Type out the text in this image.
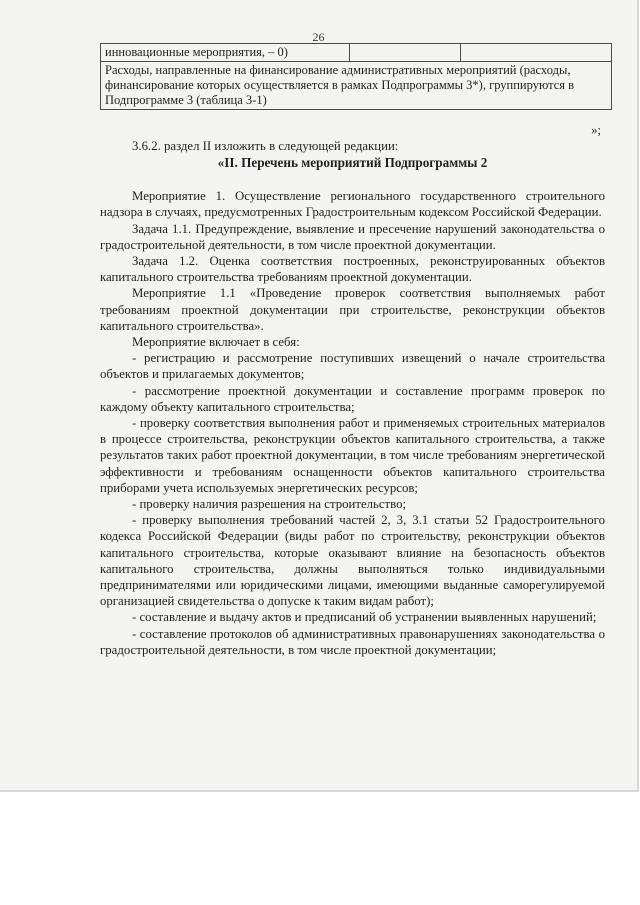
26
инновационные мероприятия, – 0)		
Расходы, направленные на финансирование административных мероприятий (расходы, финансирование которых осуществляется в рамках Подпрограммы 3*), группируются в Подпрограмме 3 (таблица 3-1)
»;

3.6.2. раздел II изложить в следующей редакции:

«II. Перечень мероприятий Подпрограммы 2

Мероприятие 1. Осуществление регионального государственного строительного надзора в случаях, предусмотренных Градостроительным кодексом Российской Федерации.

Задача 1.1. Предупреждение, выявление и пресечение нарушений законодательства о градостроительной деятельности, в том числе проектной документации.

Задача 1.2. Оценка соответствия построенных, реконструированных объектов капитального строительства требованиям проектной документации.

Мероприятие 1.1 «Проведение проверок соответствия выполняемых работ требованиям проектной документации при строительстве, реконструкции объектов капитального строительства».

Мероприятие включает в себя:

- регистрацию и рассмотрение поступивших извещений о начале строительства объектов и прилагаемых документов;

- рассмотрение проектной документации и составление программ проверок по каждому объекту капитального строительства;

- проверку соответствия выполнения работ и применяемых строительных материалов в процессе строительства, реконструкции объектов капитального строительства, а также результатов таких работ проектной документации, в том числе требованиям энергетической эффективности и требованиям оснащенности объектов капитального строительства приборами учета используемых энергетических ресурсов;

- проверку наличия разрешения на строительство;

- проверку выполнения требований частей 2, 3, 3.1 статьи 52 Градостроительного кодекса Российской Федерации (виды работ по строительству, реконструкции объектов капитального строительства, которые оказывают влияние на безопасность объектов капитального строительства, должны выполняться только индивидуальными предпринимателями или юридическими лицами, имеющими выданные саморегулируемой организацией свидетельства о допуске к таким видам работ);

- составление и выдачу актов и предписаний об устранении выявленных нарушений;

- составление протоколов об административных правонарушениях законодательства о градостроительной деятельности, в том числе проектной документации;
